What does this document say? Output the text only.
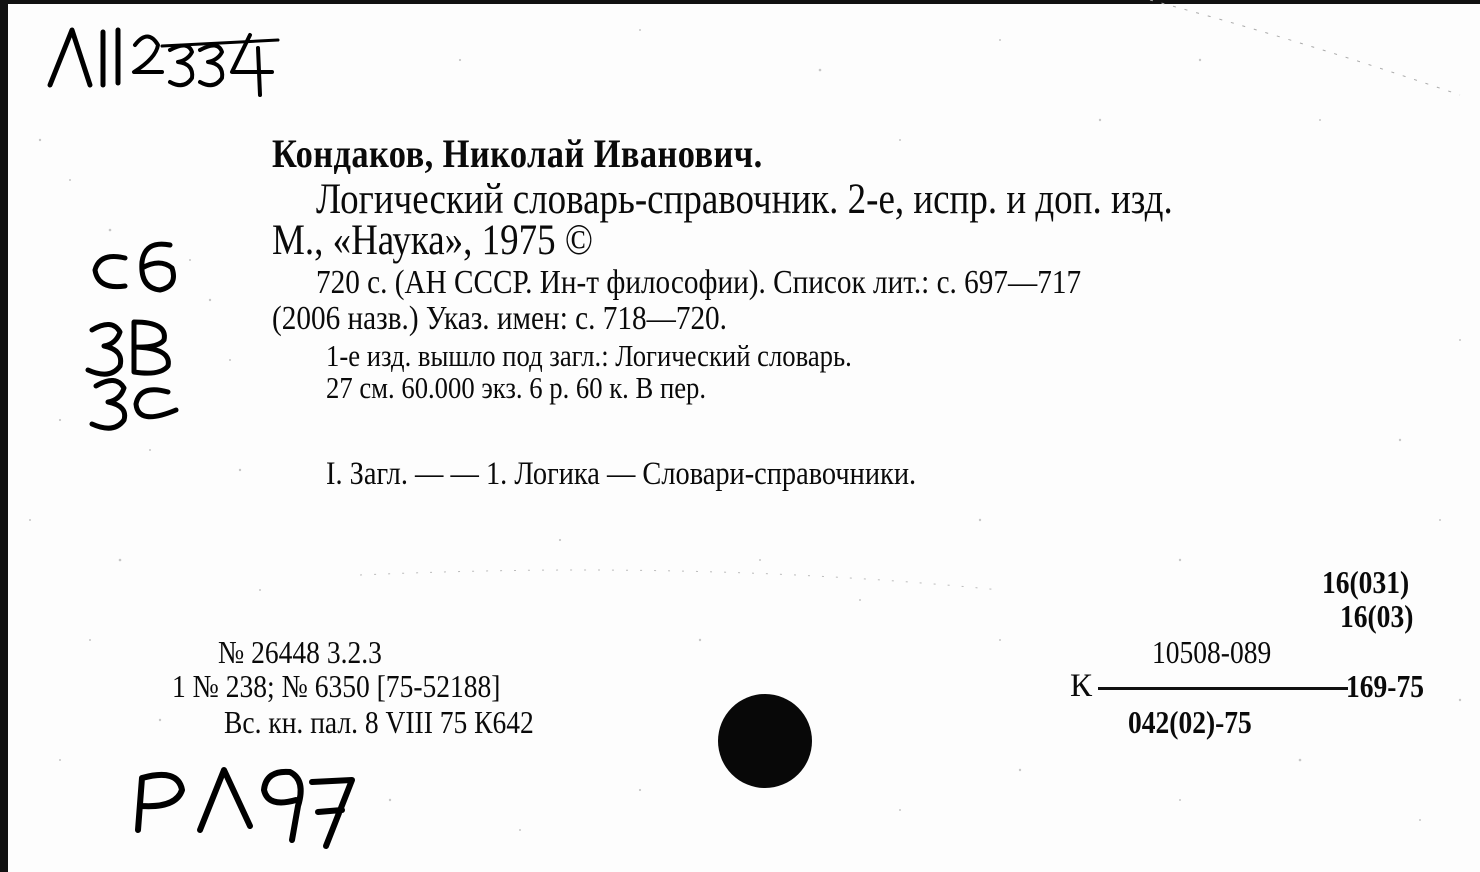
Кондаков, Николай Иванович.
Логический словарь-справочник. 2-е, испр. и доп. изд.
М., «Наука», 1975 ©
720 с. (АН СССР. Ин-т философии). Список лит.: с. 697—717
(2006 назв.) Указ. имен: с. 718—720.
1-е изд. вышло под загл.: Логический словарь.
27 см. 60.000 экз. 6 р. 60 к. В пер.
I. Загл. — — 1. Логика — Словари-справочники.
16(031)
16(03)
10508-089
К	169-75
042(02)-75
№ 26448 3.2.3
1 № 238; № 6350 [75-52188]
Вс. кн. пал. 8 VIII 75 К642
